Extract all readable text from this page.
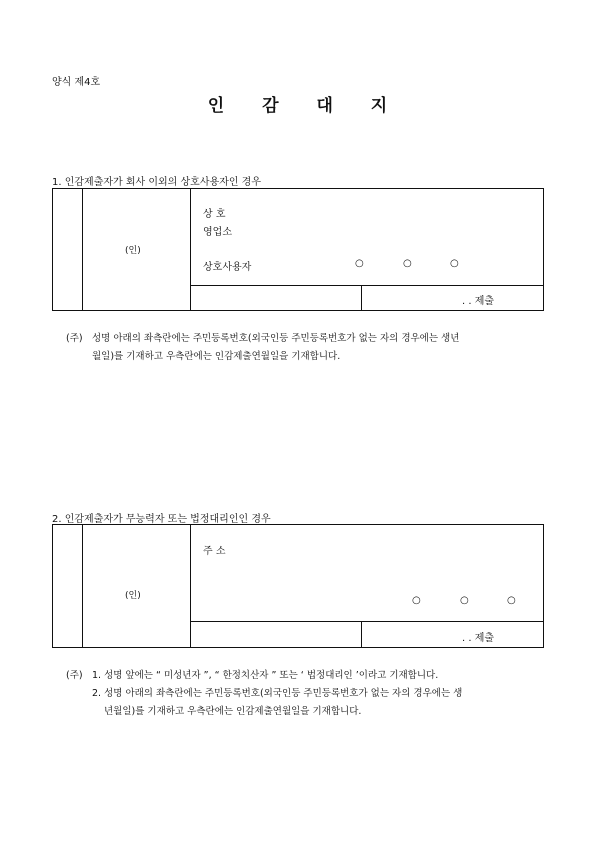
양식 제4호
인 감 대 지
1. 인감제출자가 회사 이외의 상호사용자인 경우
(인)
상 호
영업소
상호사용자	○	○	○
. . 제출
(주) 성명 아래의 좌측란에는 주민등록번호(외국인등 주민등록번호가 없는 자의 경우에는 생년
월일)를 기재하고 우측란에는 인감제출연월일을 기재합니다.
2. 인감제출자가 무능력자 또는 법정대리인인 경우
(인)
주 소
○	○	○
. . 제출
(주) 1. 성명 앞에는 “ 미성년자 ”, “ 한정치산자 ” 또는 ‘ 법정대리인 ’이라고 기재합니다.
2. 성명 아래의 좌측란에는 주민등록번호(외국인등 주민등록번호가 없는 자의 경우에는 생
년월일)를 기재하고 우측란에는 인감제출연월일을 기재합니다.
